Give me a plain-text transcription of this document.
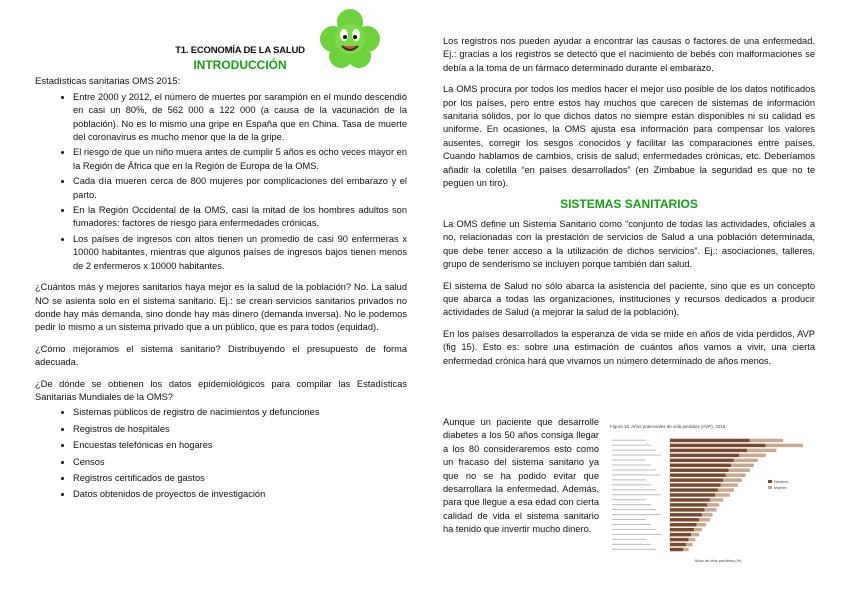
T1. ECONOMÍA DE LA SALUD
INTRODUCCIÓN
Estadísticas sanitarias OMS 2015:
• Entre 2000 y 2012, el número de muertes por sarampión en el mundo descendió en casi un 80%, de 562 000 a 122 000 (a causa de la vacunación de la población). No es lo mismo una gripe en España que en China. Tasa de muerte del coronavirus es mucho menor que la de la gripe.
• El riesgo de que un niño muera antes de cumplir 5 años es ocho veces mayor en la Región de África que en la Región de Europa de la OMS.
• Cada día mueren cerca de 800 mujeres por complicaciones del embarazo y el parto.
• En la Región Occidental de la OMS, casi la mitad de los hombres adultos son fumadores: factores de riesgo para enfermedades crónicas.
• Los países de ingresos con altos tienen un promedio de casi 90 enfermeras x 10000 habitantes, mientras que algunos países de ingresos bajos tienen menos de 2 enfermeros x 10000 habitantes.

¿Cuántos más y mejores sanitarios haya mejor es la salud de la población? No. La salud NO se asienta solo en el sistema sanitario. Ej.: se crean servicios sanitarios privados no donde hay más demanda, sino donde hay más dinero (demanda inversa). No le podemos pedir lo mismo a un sistema privado que a un público, que es para todos (equidad).

¿Cómo mejoramos el sistema sanitario? Distribuyendo el presupuesto de forma adecuada.

¿De dónde se obtienen los datos epidemiológicos para compilar las Estadísticas Sanitarias Mundiales de la OMS?

• Sistemas públicos de registro de nacimientos y defunciones
• Registros de hospitales
• Encuestas telefónicas en hogares
• Censos
• Registros certificados de gastos
• Datos obtenidos de proyectos de investigación

Los registros nos pueden ayudar a encontrar las causas o factores de una enfermedad. Ej.: gracias a los registros se detectó que el nacimiento de bebés con malformaciones se debía a la toma de un fármaco determinado durante el embarazo.

La OMS procura por todos los medios hacer el mejor uso posible de los datos notificados por los países, pero entre estos hay muchos que carecen de sistemas de información sanitaria sólidos, por lo que dichos datos no siempre están disponibles ni su calidad es uniforme. En ocasiones, la OMS ajusta esa información para compensar los valores ausentes, corregir los sesgos conocidos y facilitar las comparaciones entre países. Cuando hablamos de cambios, crisis de salud, enfermedades crónicas, etc. Deberíamos añadir la coletilla “en países desarrollados” (en Zimbabue la seguridad es que no te peguen un tiro).

SISTEMAS SANITARIOS

La OMS define un Sistema Sanitario como “conjunto de todas las actividades, oficiales a no, relacionadas con la prestación de servicios de Salud a una población determinada, que debe tener acceso a la utilización de dichos servicios”. Ej.: asociaciones, talleres, grupo de senderismo se incluyen porque también dan salud.

El sistema de Salud no sólo abarca la asistencia del paciente, sino que es un concepto que abarca a todas las organizaciones, instituciones y recursos dedicados a producir actividades de Salud (a mejorar la salud de la población).

En los países desarrollados la esperanza de vida se mide en años de vida perdidos, AVP (fig 15). Esto es: sobre una estimación de cuántos años vamos a vivir, una cierta enfermedad crónica hará que vivamos un número determinado de años menos.

Aunque un paciente que desarrolle diabetes a los 50 años consiga llegar a los 80 consideraremos esto como un fracaso del sistema sanitario ya que no se ha podido evitar que desarrollara la enfermedad. Además, para que llegue a esa edad con cierta calidad de vida el sistema sanitario ha tenido que invertir mucho dinero.

Figura 15. Años potenciales de vida perdidos (AVP), 2015
Años de vida perdidos (%)
Hombres
Mujeres
